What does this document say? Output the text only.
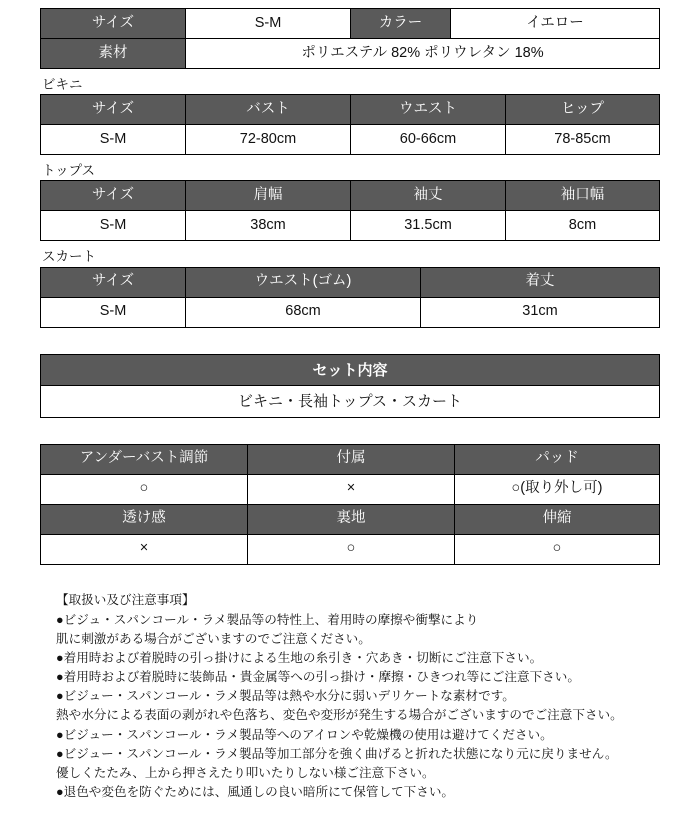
サイズ	S‐M	カラー	イエロー
素材	ポリエステル 82% ポリウレタン 18%		
ビキニ
サイズ	バスト	ウエスト	ヒップ
S‐M	72-80cm	60-66cm	78-85cm
トップス
サイズ	肩幅	袖丈	袖口幅
S‐M	38cm	31.5cm	8cm
スカート
サイズ	ウエスト(ゴム)	着丈
S‐M	68cm	31cm
セット内容
ビキニ・長袖トップス・スカート
アンダーバスト調節	付属	パッド
○	×	○(取り外し可)
透け感	裏地	伸縮
×	○	○

【取扱い及び注意事項】

●ビジュ・スパンコール・ラメ製品等の特性上、着用時の摩擦や衝撃により

肌に刺激がある場合がございますのでご注意ください。

●着用時および着脱時の引っ掛けによる生地の糸引き・穴あき・切断にご注意下さい。

●着用時および着脱時に装飾品・貴金属等への引っ掛け・摩擦・ひきつれ等にご注意下さい。

●ビジュー・スパンコール・ラメ製品等は熱や水分に弱いデリケートな素材です。

熱や水分による表面の剥がれや色落ち、変色や変形が発生する場合がございますのでご注意下さい。

●ビジュー・スパンコール・ラメ製品等へのアイロンや乾燥機の使用は避けてください。

●ビジュー・スパンコール・ラメ製品等加工部分を強く曲げると折れた状態になり元に戻りません。

優しくたたみ、上から押さえたり叩いたりしない様ご注意下さい。

●退色や変色を防ぐためには、風通しの良い暗所にて保管して下さい。
